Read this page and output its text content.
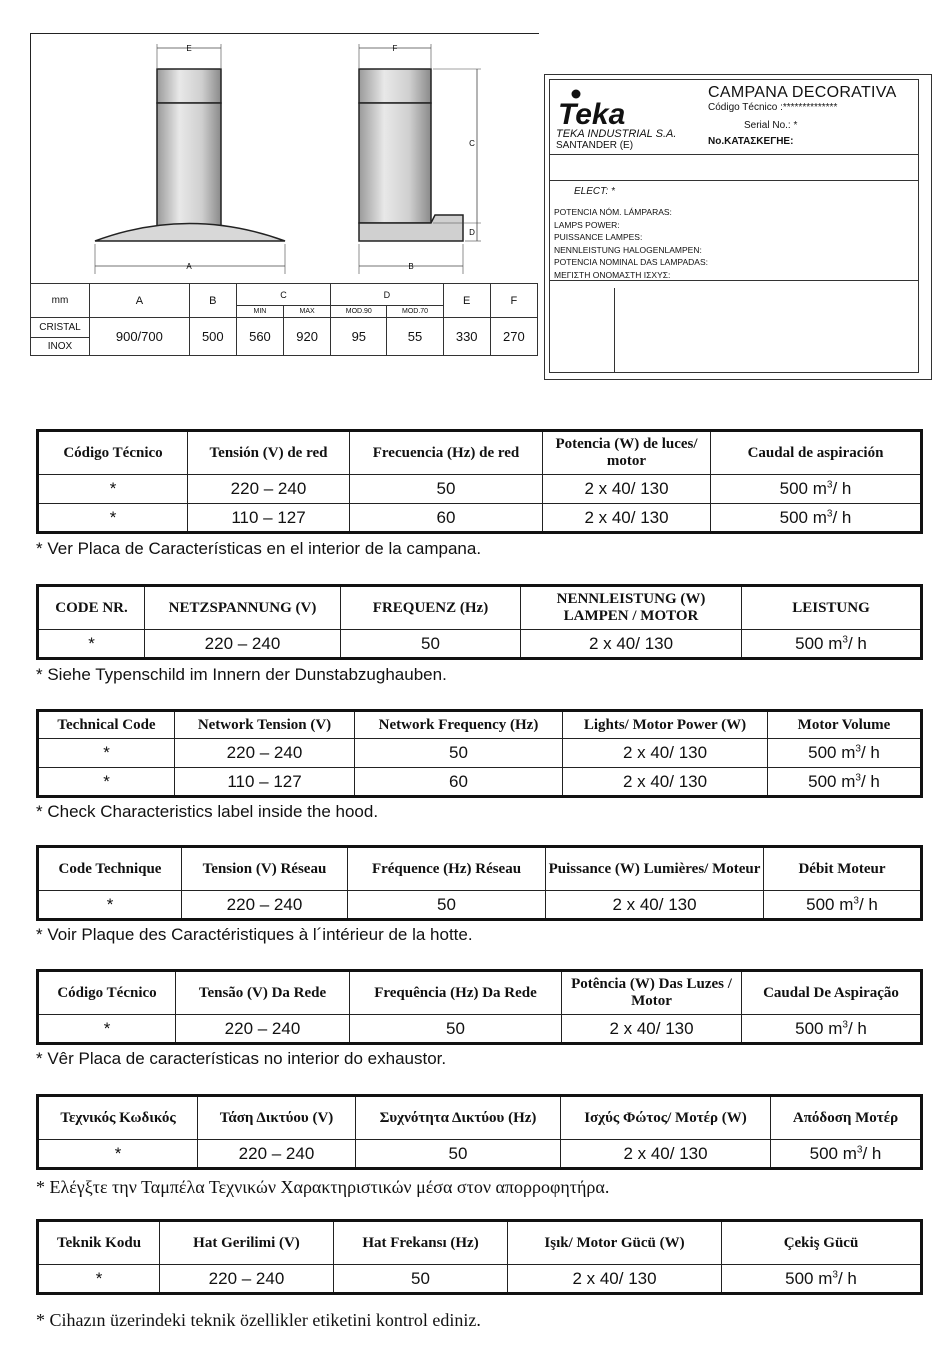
E
A
F
B
C
D
mm	A	B	C		D		E	F
			MIN	MAX	MOD.90	MOD.70		
CRISTAL	900/700	500	560	920	95	55	330	270
INOX								
Teka
CAMPANA DECORATIVA
Código Técnico :**************
Serial No.: *
No.ΚΑΤΑΣΚΕΓΗΕ:
TEKA INDUSTRIAL S.A.
SANTANDER (E)
ELECT: *
POTENCIA NÓM. LÁMPARAS:
LAMPS POWER:
PUISSANCE LAMPES:
NENNLEISTUNG HALOGENLAMPEN:
POTENCIA NOMINAL DAS LAMPADAS:
ΜΕΓΙΣΤΗ ΟΝΟΜΑΣΤΗ ΙΣΧΥΣ:
Código Técnico	Tensión (V) de red	Frecuencia (Hz) de red	Potencia (W) de luces/ motor	Caudal de aspiración
*	220 – 240	50	2 x 40/ 130	500 $m^3/$ h
*	110 – 127	60	2 x 40/ 130	500 $m^3/$ h
* Ver Placa de Características en el interior de la campana.
CODE NR.	NETZSPANNUNG (V)	FREQUENZ (Hz)	NENNLEISTUNG (W) LAMPEN / MOTOR	LEISTUNG
*	220 – 240	50	2 x 40/ 130	500 $m^3/$ h
* Siehe Typenschild im Innern der Dunstabzughauben.
Technical Code	Network Tension (V)	Network Frequency (Hz)	Lights/ Motor Power (W)	Motor Volume
*	220 – 240	50	2 x 40/ 130	500 $m^3/$ h
*	110 – 127	60	2 x 40/ 130	500 $m^3/$ h
* Check Characteristics label inside the hood.
Code Technique	Tension (V) Réseau	Fréquence (Hz) Réseau	Puissance (W) Lumières/ Moteur	Débit Moteur
*	220 – 240	50	2 x 40/ 130	500 $m^3/$ h
* Voir Plaque des Caractéristiques à l´intérieur de la hotte.
Código Técnico	Tensão (V) Da Rede	Frequência (Hz) Da Rede	Potência (W) Das Luzes / Motor	Caudal De Aspiração
*	220 – 240	50	2 x 40/ 130	500 $m^3/$ h
* Vêr Placa de características no interior do exhaustor.
Τεχνικός Κωδικός	Τάση Δικτύου (V)	Συχνότητα Δικτύου (Hz)	Ισχύς Φώτος/ Μοτέρ (W)	Απόδοση Μοτέρ
*	220 – 240	50	2 x 40/ 130	500 $m^3/$ h
* Ελέγξτε την Ταμπέλα Τεχνικών Χαρακτηριστικών μέσα στον απορροφητήρα.
Teknik Kodu	Hat Gerilimi (V)	Hat Frekansı (Hz)	Işık/ Motor Gücü (W)	Çekiş Gücü
*	220 – 240	50	2 x 40/ 130	500 $m^3/$ h
* Cihazın üzerindeki teknik özellikler etiketini kontrol ediniz.
